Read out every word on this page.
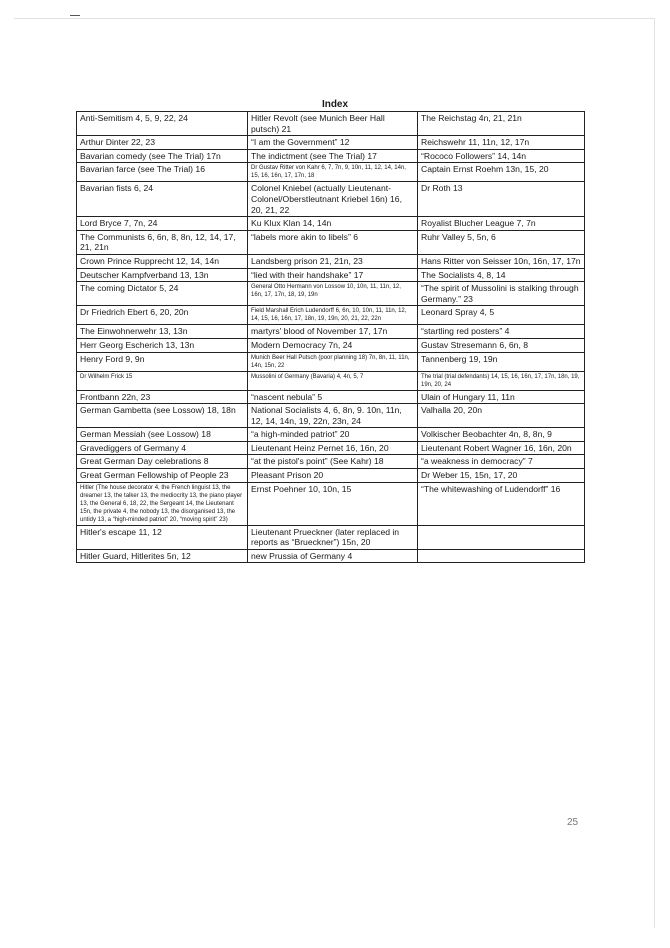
Index
Anti-Semitism 4, 5, 9, 22, 24	Hitler Revolt (see Munich Beer Hall putsch) 21	The Reichstag 4n, 21, 21n
Arthur Dinter 22, 23	“I am the Government” 12	Reichswehr 11, 11n, 12, 17n
Bavarian comedy (see The Trial) 17n	The indictment (see The Trial) 17	“Rococo Followers” 14, 14n
Bavarian farce (see The Trial) 16	Dr Gustav Ritter von Kahr 6, 7, 7n, 9, 10n, 11, 12, 14, 14n, 15, 16, 16n, 17, 17n, 18	Captain Ernst Roehm 13n, 15, 20
Bavarian fists 6, 24	Colonel Kniebel (actually Lieutenant-Colonel/Oberstleutnant Kriebel 16n) 16, 20, 21, 22	Dr Roth 13
Lord Bryce 7, 7n, 24	Ku Klux Klan 14, 14n	Royalist Blucher League 7, 7n
The Communists 6, 6n, 8, 8n, 12, 14, 17, 21, 21n	“labels more akin to libels” 6	Ruhr Valley 5, 5n, 6
Crown Prince Rupprecht 12, 14, 14n	Landsberg prison 21, 21n, 23	Hans Ritter von Seisser 10n, 16n, 17, 17n
Deutscher Kampfverband 13, 13n	“lied with their handshake” 17	The Socialists 4, 8, 14
The coming Dictator 5, 24	General Otto Hermann von Lossow 10, 10n, 11, 11n, 12, 16n, 17, 17n, 18, 19, 19n	“The spirit of Mussolini is stalking through Germany.” 23
Dr Friedrich Ebert 6, 20, 20n	Field Marshall Erich Ludendorff 6, 6n, 10, 10n, 11, 11n, 12, 14, 15, 16, 16n, 17, 18n, 19, 19n, 20, 21, 22, 22n	Leonard Spray 4, 5
The Einwohnerwehr 13, 13n	martyrs' blood of November 17, 17n	“startling red posters” 4
Herr Georg Escherich 13, 13n	Modern Democracy 7n, 24	Gustav Stresemann 6, 6n, 8
Henry Ford 9, 9n	Munich Beer Hall Putsch (poor planning 18) 7n, 8n, 11, 11n, 14n, 15n, 22	Tannenberg 19, 19n
Dr Wilhelm Frick 15	Mussolini of Germany (Bavaria) 4, 4n, 5, 7	The trial (trial defendants) 14, 15, 16, 16n, 17, 17n, 18n, 19, 19n, 20, 24
Frontbann 22n, 23	“nascent nebula” 5	Ulain of Hungary 11, 11n
German Gambetta (see Lossow) 18, 18n	National Socialists 4, 6, 8n, 9. 10n, 11n, 12, 14, 14n, 19, 22n, 23n, 24	Valhalla 20, 20n
German Messiah (see Lossow) 18	“a high-minded patriot” 20	Volkischer Beobachter 4n, 8, 8n, 9
Gravediggers of Germany 4	Lieutenant Heinz Pernet 16, 16n, 20	Lieutenant Robert Wagner 16, 16n, 20n
Great German Day celebrations 8	“at the pistol's point” (See Kahr) 18	“a weakness in democracy” 7
Great German Fellowship of People 23	Pleasant Prison 20	Dr Weber 15, 15n, 17, 20
Hitler (The house decorator 4, the French linguist 13, the dreamer 13, the talker 13, the mediocrity 13, the piano player 13, the General 6, 18, 22, the Sergeant 14, the Lieutenant 15n, the private 4, the nobody 13, the disorganised 13, the untidy 13, a “high-minded patriot” 20, “moving spirit” 23)	Ernst Poehner 10, 10n, 15	“The whitewashing of Ludendorff” 16
Hitler's escape 11, 12	Lieutenant Prueckner (later replaced in reports as “Brueckner”) 15n, 20	
Hitler Guard, Hitlerites 5n, 12	new Prussia of Germany 4	
25
